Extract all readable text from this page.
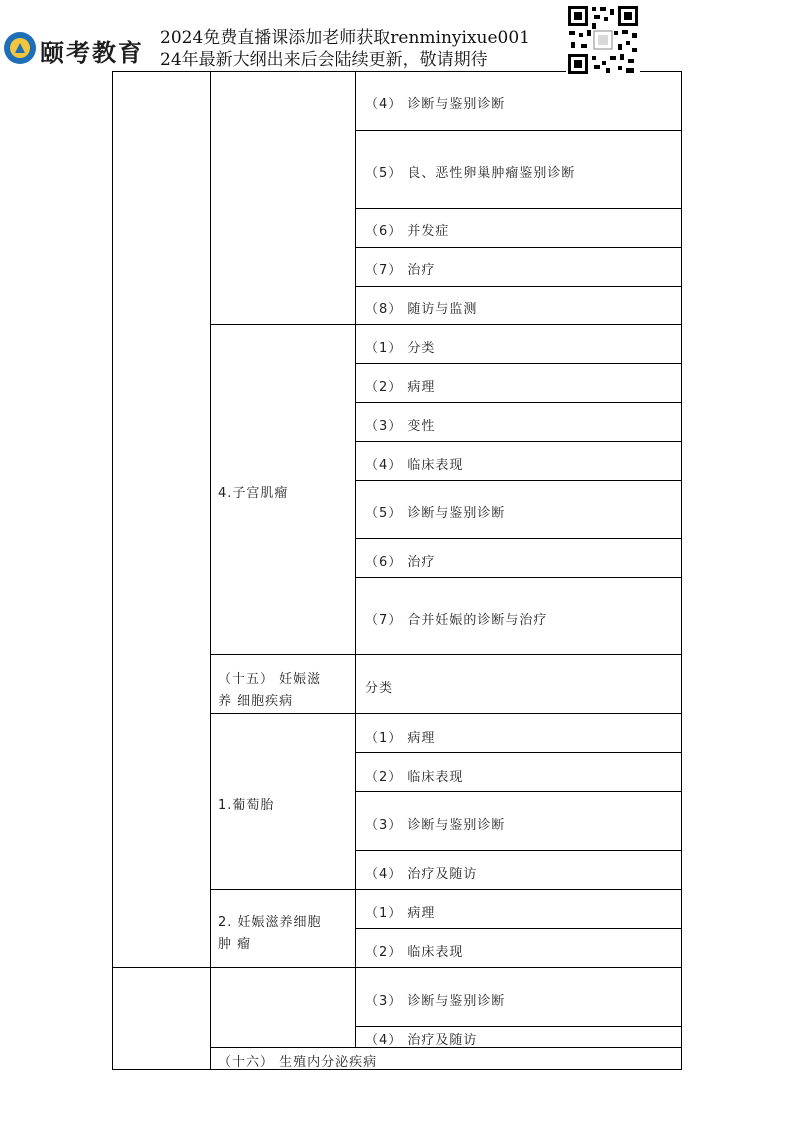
颐考教育
2024免费直播课添加老师获取renminyixue001
24年最新大纲出来后会陆续更新，敬请期待
（4） 诊断与鉴别诊断
（5） 良、恶性卵巢肿瘤鉴别诊断
（6） 并发症
（7） 治疗
（8） 随访与监测
4.子宫肌瘤
（1） 分类
（2） 病理
（3） 变性
（4） 临床表现
（5） 诊断与鉴别诊断
（6） 治疗
（7） 合并妊娠的诊断与治疗
（十五） 妊娠滋
养 细胞疾病
分类
1.葡萄胎
（1） 病理
（2） 临床表现
（3） 诊断与鉴别诊断
（4） 治疗及随访
2. 妊娠滋养细胞
肿 瘤
（1） 病理
（2） 临床表现
（3） 诊断与鉴别诊断
（4） 治疗及随访
（十六） 生殖内分泌疾病
